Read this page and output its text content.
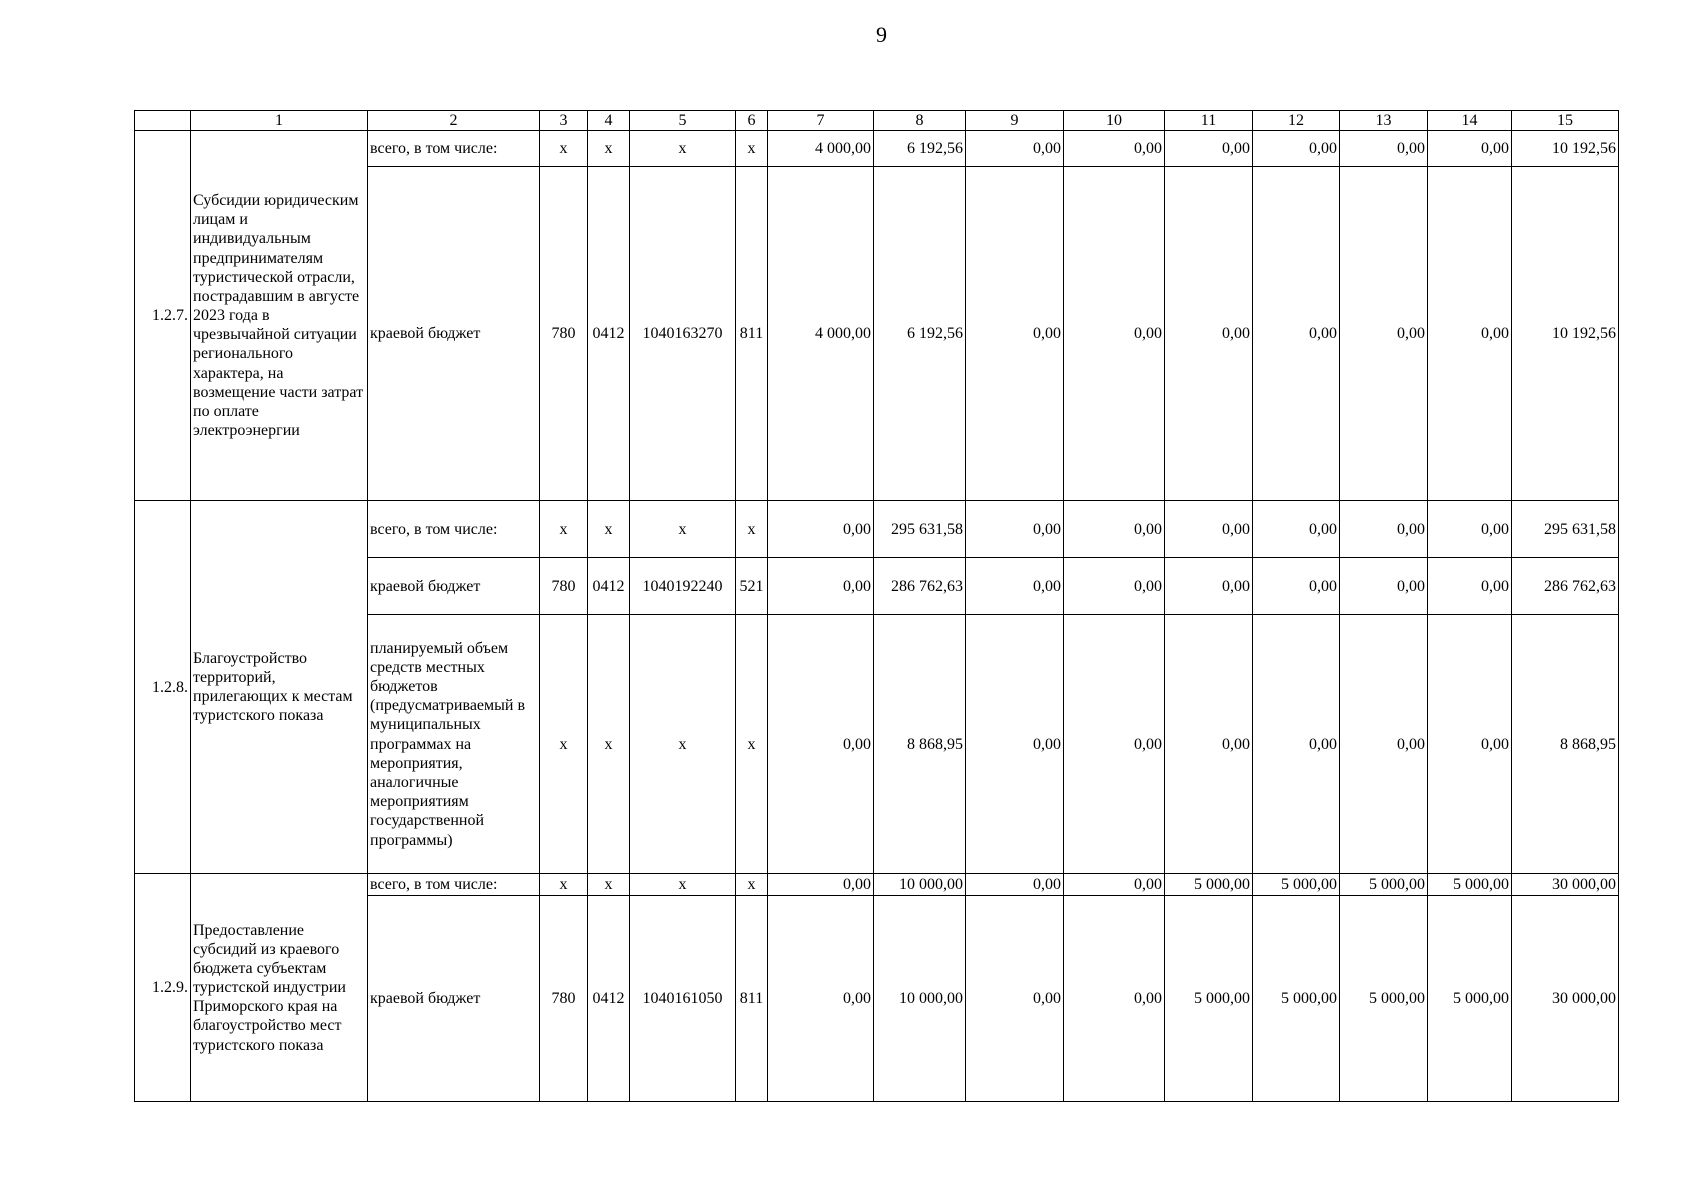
9
	1	2	3	4	5	6	7	8	9	10	11	12	13	14	15
1.2.7.	Субсидии юридическим лицам и индивидуальным предпринимателям туристической отрасли, пострадавшим в августе 2023 года в чрезвычайной ситуации регионального характера, на возмещение части затрат по оплате электроэнергии	всего, в том числе:	х	х	х	х	4 000,00	6 192,56	0,00	0,00	0,00	0,00	0,00	0,00	10 192,56
		краевой бюджет	780	0412	1040163270	811	4 000,00	6 192,56	0,00	0,00	0,00	0,00	0,00	0,00	10 192,56
1.2.8.	Благоустройство территорий, прилегающих к местам туристского показа	всего, в том числе:	х	х	х	х	0,00	295 631,58	0,00	0,00	0,00	0,00	0,00	0,00	295 631,58
		краевой бюджет	780	0412	1040192240	521	0,00	286 762,63	0,00	0,00	0,00	0,00	0,00	0,00	286 762,63
		планируемый объем средств местных бюджетов (предусматриваемый в муниципальных программах на мероприятия, аналогичные мероприятиям государственной программы)	х	х	х	х	0,00	8 868,95	0,00	0,00	0,00	0,00	0,00	0,00	8 868,95
1.2.9.	Предоставление субсидий из краевого бюджета субъектам туристской индустрии Приморского края на благоустройство мест туристского показа	всего, в том числе:	х	х	х	х	0,00	10 000,00	0,00	0,00	5 000,00	5 000,00	5 000,00	5 000,00	30 000,00
		краевой бюджет	780	0412	1040161050	811	0,00	10 000,00	0,00	0,00	5 000,00	5 000,00	5 000,00	5 000,00	30 000,00
